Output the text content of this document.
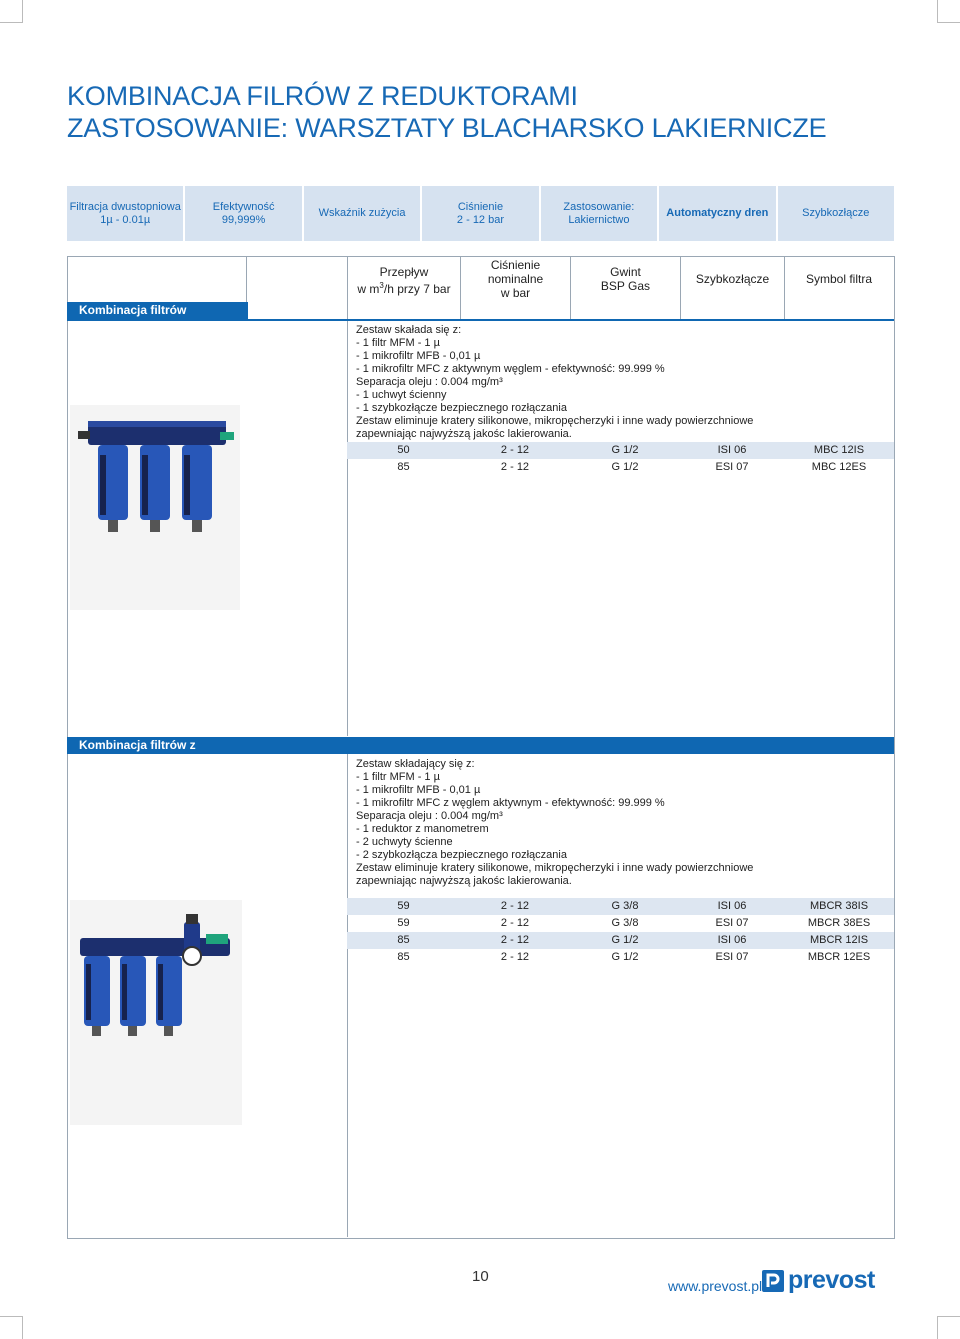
KOMBINACJA FILRÓW Z REDUKTORAMI
ZASTOSOWANIE: WARSZTATY BLACHARSKO LAKIERNICZE
Filtracja dwustopniowa
1µ - 0.01µ
Efektywność
99,999%
Wskaźnik zużycia
Ciśnienie
2 - 12 bar
Zastosowanie:
Lakiernictwo
Automatyczny dren	Szybkozłącze
Przepływ
w $m^3/h$ przy 7 bar
Ciśnienie
nominalne
w bar
Gwint
BSP Gas	Szybkozłącze	Symbol filtra
Kombinacja filtrów
Zestaw skałada się z:
- 1 filtr MFM - 1 µ
- 1 mikrofiltr MFB - 0,01 µ
- 1 mikrofiltr MFC z aktywnym węglem - efektywność: 99.999 %
Separacja oleju : 0.004 mg/m³
- 1 uchwyt ścienny
- 1 szybkozłącze bezpiecznego rozłączania
Zestaw eliminuje kratery silikonowe, mikropęcherzyki i inne wady powierzchniowe
zapewniając najwyższą jakośc lakierowania.
50	2 - 12	G 1/2	ISI 06	MBC 12IS
85	2 - 12	G 1/2	ESI 07	MBC 12ES
Kombinacja filtrów z reduktorem	Zestaw składający się z:
- 1 filtr MFM - 1 µ
- 1 mikrofiltr MFB - 0,01 µ
- 1 mikrofiltr MFC z węglem aktywnym - efektywność: 99.999 %
Separacja oleju : 0.004 mg/m³
- 1 reduktor z manometrem
- 2 uchwyty ścienne
- 2 szybkozłącza bezpiecznego rozłączania
Zestaw eliminuje kratery silikonowe, mikropęcherzyki i inne wady powierzchniowe
zapewniając najwyższą jakośc lakierowania.
59	2 - 12	G 3/8	ISI 06	MBCR 38IS
59	2 - 12	G 3/8	ESI 07	MBCR 38ES
85	2 - 12	G 1/2	ISI 06	MBCR 12IS
85	2 - 12	G 1/2	ESI 07	MBCR 12ES
10
www.prevost.pl prevost
